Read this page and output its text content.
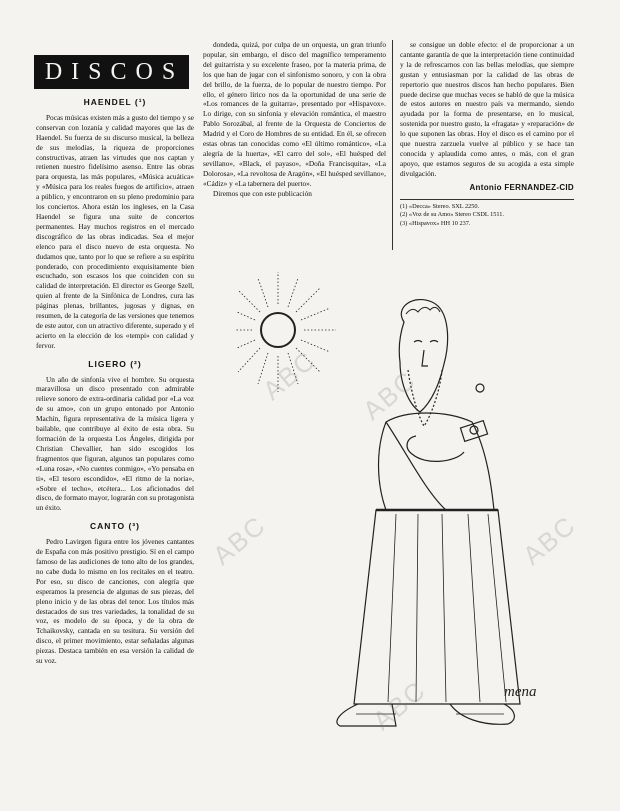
DISCOS
HAENDEL (¹)

Pocas músicas existen más a gusto del tiempo y se conservan con lozanía y calidad mayores que las de Haendel. Su fuerza de su discurso musical, la belleza de sus melodías, la riqueza de proporciones constructivas, atraen las virtudes que nos captan y retienen nuestro fidelísimo asenso. Entre las obras para orquesta, las más populares, «Música acuática» y «Música para los reales fuegos de artificio», atraen a público, y encontraron en su pleno predominio para los conciertos. Ahora están los ingleses, en la Casa Haendel se figura una suite de concertos permanentes. Hay muchos registros en el mercado discográfico de las obras indicadas. Sea el mejor elenco para el disco nuevo de esta orquesta. No dudamos que, tanto por lo que se refiere a su espíritu ponderado, con procedimiento exquisitamente bien escuchado, son escasos los que coinciden con su calidad de interpretación. El director es George Szell, quien al frente de la Sinfónica de Londres, cura las páginas plenas, brillantes, jugosas y dignas, en resumen, de la categoría de las versiones que tenemos de este autor, con un atractivo diferente, superado y el acierto en la elección de los «tempi» con calidad y fervor.

LIGERO (²)

Un año de sinfonía vive el hombre. Su orquesta maravillosa un disco presentado con admirable relieve sonoro de extra-ordinaria calidad por «La voz de su amo», con un grupo entonado por Antonio Machín, figura representativa de la música ligera y bailable, que contribuye al éxito de esta obra. Su formación de la orquesta Los Ángeles, dirigida por Christian Chevallier, han sido escogidos los fragmentos que figuran, algunos tan populares como «Luna rosa», «No cuentes conmigo», «Yo pensaba en ti», «El tesoro escondido», «El ritmo de la noria», «Sobre el techo», etcétera... Los aficionados del disco, de formato mayor, lograrán con su protagonista un éxito.

CANTO (³)

Pedro Lavirgen figura entre los jóvenes cantantes de España con más positivo prestigio. Sí en el campo famoso de las audiciones de tono alto de los grandes, no cabe duda lo mismo en los recitales en el teatro. Por eso, su disco de canciones, con alegría que esperamos la presencia de algunas de sus piezas, del pleno inicio y de las obras del tenor. Los títulos más destacados de sus tres variedades, la tonalidad de su voz, es modelo de su época, y de la obra de Tchaikovsky, cantada en su tesitura. Su versión del disco, el primer movimiento, estar señaladas algunas piezas. Destaca también en esa versión la calidad de su voz.

dondeda, quizá, por culpa de un orquesta, un gran triunfo popular, sin embargo, el disco del magnífico temperamento del guitarrista y su excelente fraseo, por la materia prima, de los que han de jugar con el sinfonismo sonoro, y con la obra del brillo, de la fuerza, de lo popular de nuestro tiempo. Por ello, el género lírico nos da la oportunidad de una serie de «Los romances de la guitarra», presentado por «Hispavox». Lo dirige, con su sinfonía y elevación romántica, el maestro Pablo Sorozábal, al frente de la Orquesta de Conciertos de Madrid y el Coro de Hombres de su entidad. En él, se ofrecen estas obras tan conocidas como «El último romántico», «La alegría de la huerta», «El carro del sol», «El huésped del sevillano», «Black, el payaso», «Doña Francisquita», «La Dolorosa», «La revoltosa de Aragón», «El huésped sevillano», «Cádiz» y «La tabernera del puerto».

Diremos que con este publicación

se consigue un doble efecto: el de proporcionar a un cantante garantía de que la interpretación tiene continuidad y la de refrescarnos con las bellas melodías, que siempre gustan y entusiasman por la calidad de las obras de repertorio que nuestros discos han hecho populares. Bien puede decirse que muchas veces se habló de que la música de estos autores en nuestro país va mermando, siendo ayudada por la forma de presentarse, en lo musical, sostenida por nuestro gusto, la «fragata» y «reparación» de lo que suponen las obras. Hoy el disco es el camino por el que nuestra zarzuela vuelve al público y se hace tan conocida y aplaudida como antes, o más, con el gran apoyo, que estamos seguros de su acogida a esta simple divulgación.

Antonio FERNANDEZ-CID
(1) «Decca» Stereo. SXL 2250.
(2) «Voz de su Amo» Stereo CSDL 1511.
(3) «Hispavox» HH 10 237.
mena
ABC ABC
ABC	ABC
ABC
